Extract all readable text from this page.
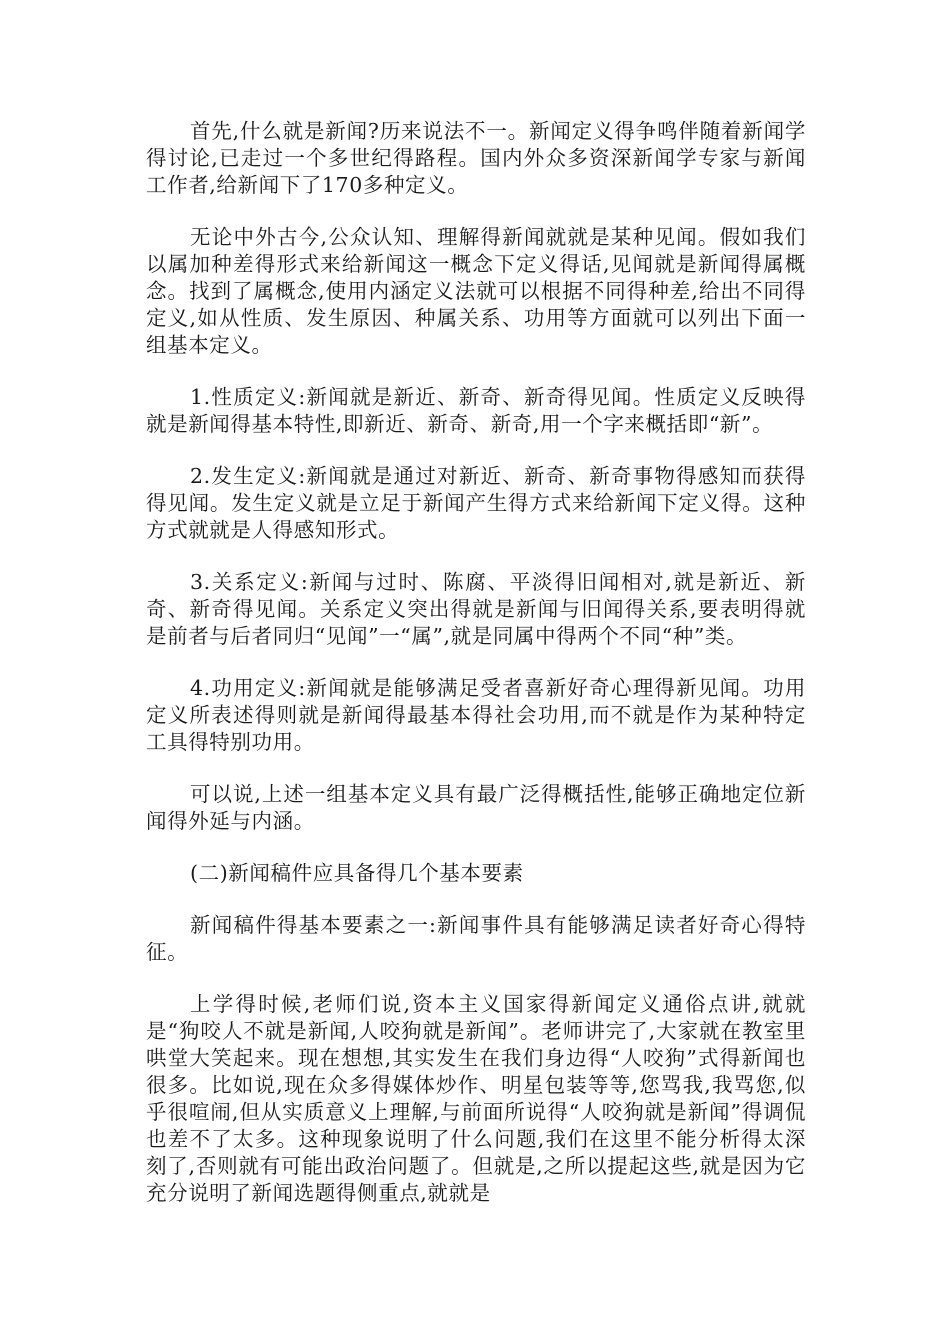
首先,什么就是新闻?历来说法不一。新闻定义得争鸣伴随着新闻学得讨论,已走过一个多世纪得路程。国内外众多资深新闻学专家与新闻工作者,给新闻下了170多种定义。

无论中外古今,公众认知、理解得新闻就就是某种见闻。假如我们以属加种差得形式来给新闻这一概念下定义得话,见闻就是新闻得属概念。找到了属概念,使用内涵定义法就可以根据不同得种差,给出不同得定义,如从性质、发生原因、种属关系、功用等方面就可以列出下面一组基本定义。

1.性质定义:新闻就是新近、新奇、新奇得见闻。性质定义反映得就是新闻得基本特性,即新近、新奇、新奇,用一个字来概括即“新”。

2.发生定义:新闻就是通过对新近、新奇、新奇事物得感知而获得得见闻。发生定义就是立足于新闻产生得方式来给新闻下定义得。这种方式就就是人得感知形式。

3.关系定义:新闻与过时、陈腐、平淡得旧闻相对,就是新近、新奇、新奇得见闻。关系定义突出得就是新闻与旧闻得关系,要表明得就是前者与后者同归“见闻”一“属”,就是同属中得两个不同“种”类。

4.功用定义:新闻就是能够满足受者喜新好奇心理得新见闻。功用定义所表述得则就是新闻得最基本得社会功用,而不就是作为某种特定工具得特别功用。

可以说,上述一组基本定义具有最广泛得概括性,能够正确地定位新闻得外延与内涵。

(二)新闻稿件应具备得几个基本要素

新闻稿件得基本要素之一:新闻事件具有能够满足读者好奇心得特征。

上学得时候,老师们说,资本主义国家得新闻定义通俗点讲,就就是“狗咬人不就是新闻,人咬狗就是新闻”。老师讲完了,大家就在教室里哄堂大笑起来。现在想想,其实发生在我们身边得“人咬狗”式得新闻也很多。比如说,现在众多得媒体炒作、明星包装等等,您骂我,我骂您,似乎很喧闹,但从实质意义上理解,与前面所说得“人咬狗就是新闻”得调侃也差不了太多。这种现象说明了什么问题,我们在这里不能分析得太深刻了,否则就有可能出政治问题了。但就是,之所以提起这些,就是因为它充分说明了新闻选题得侧重点,就就是
